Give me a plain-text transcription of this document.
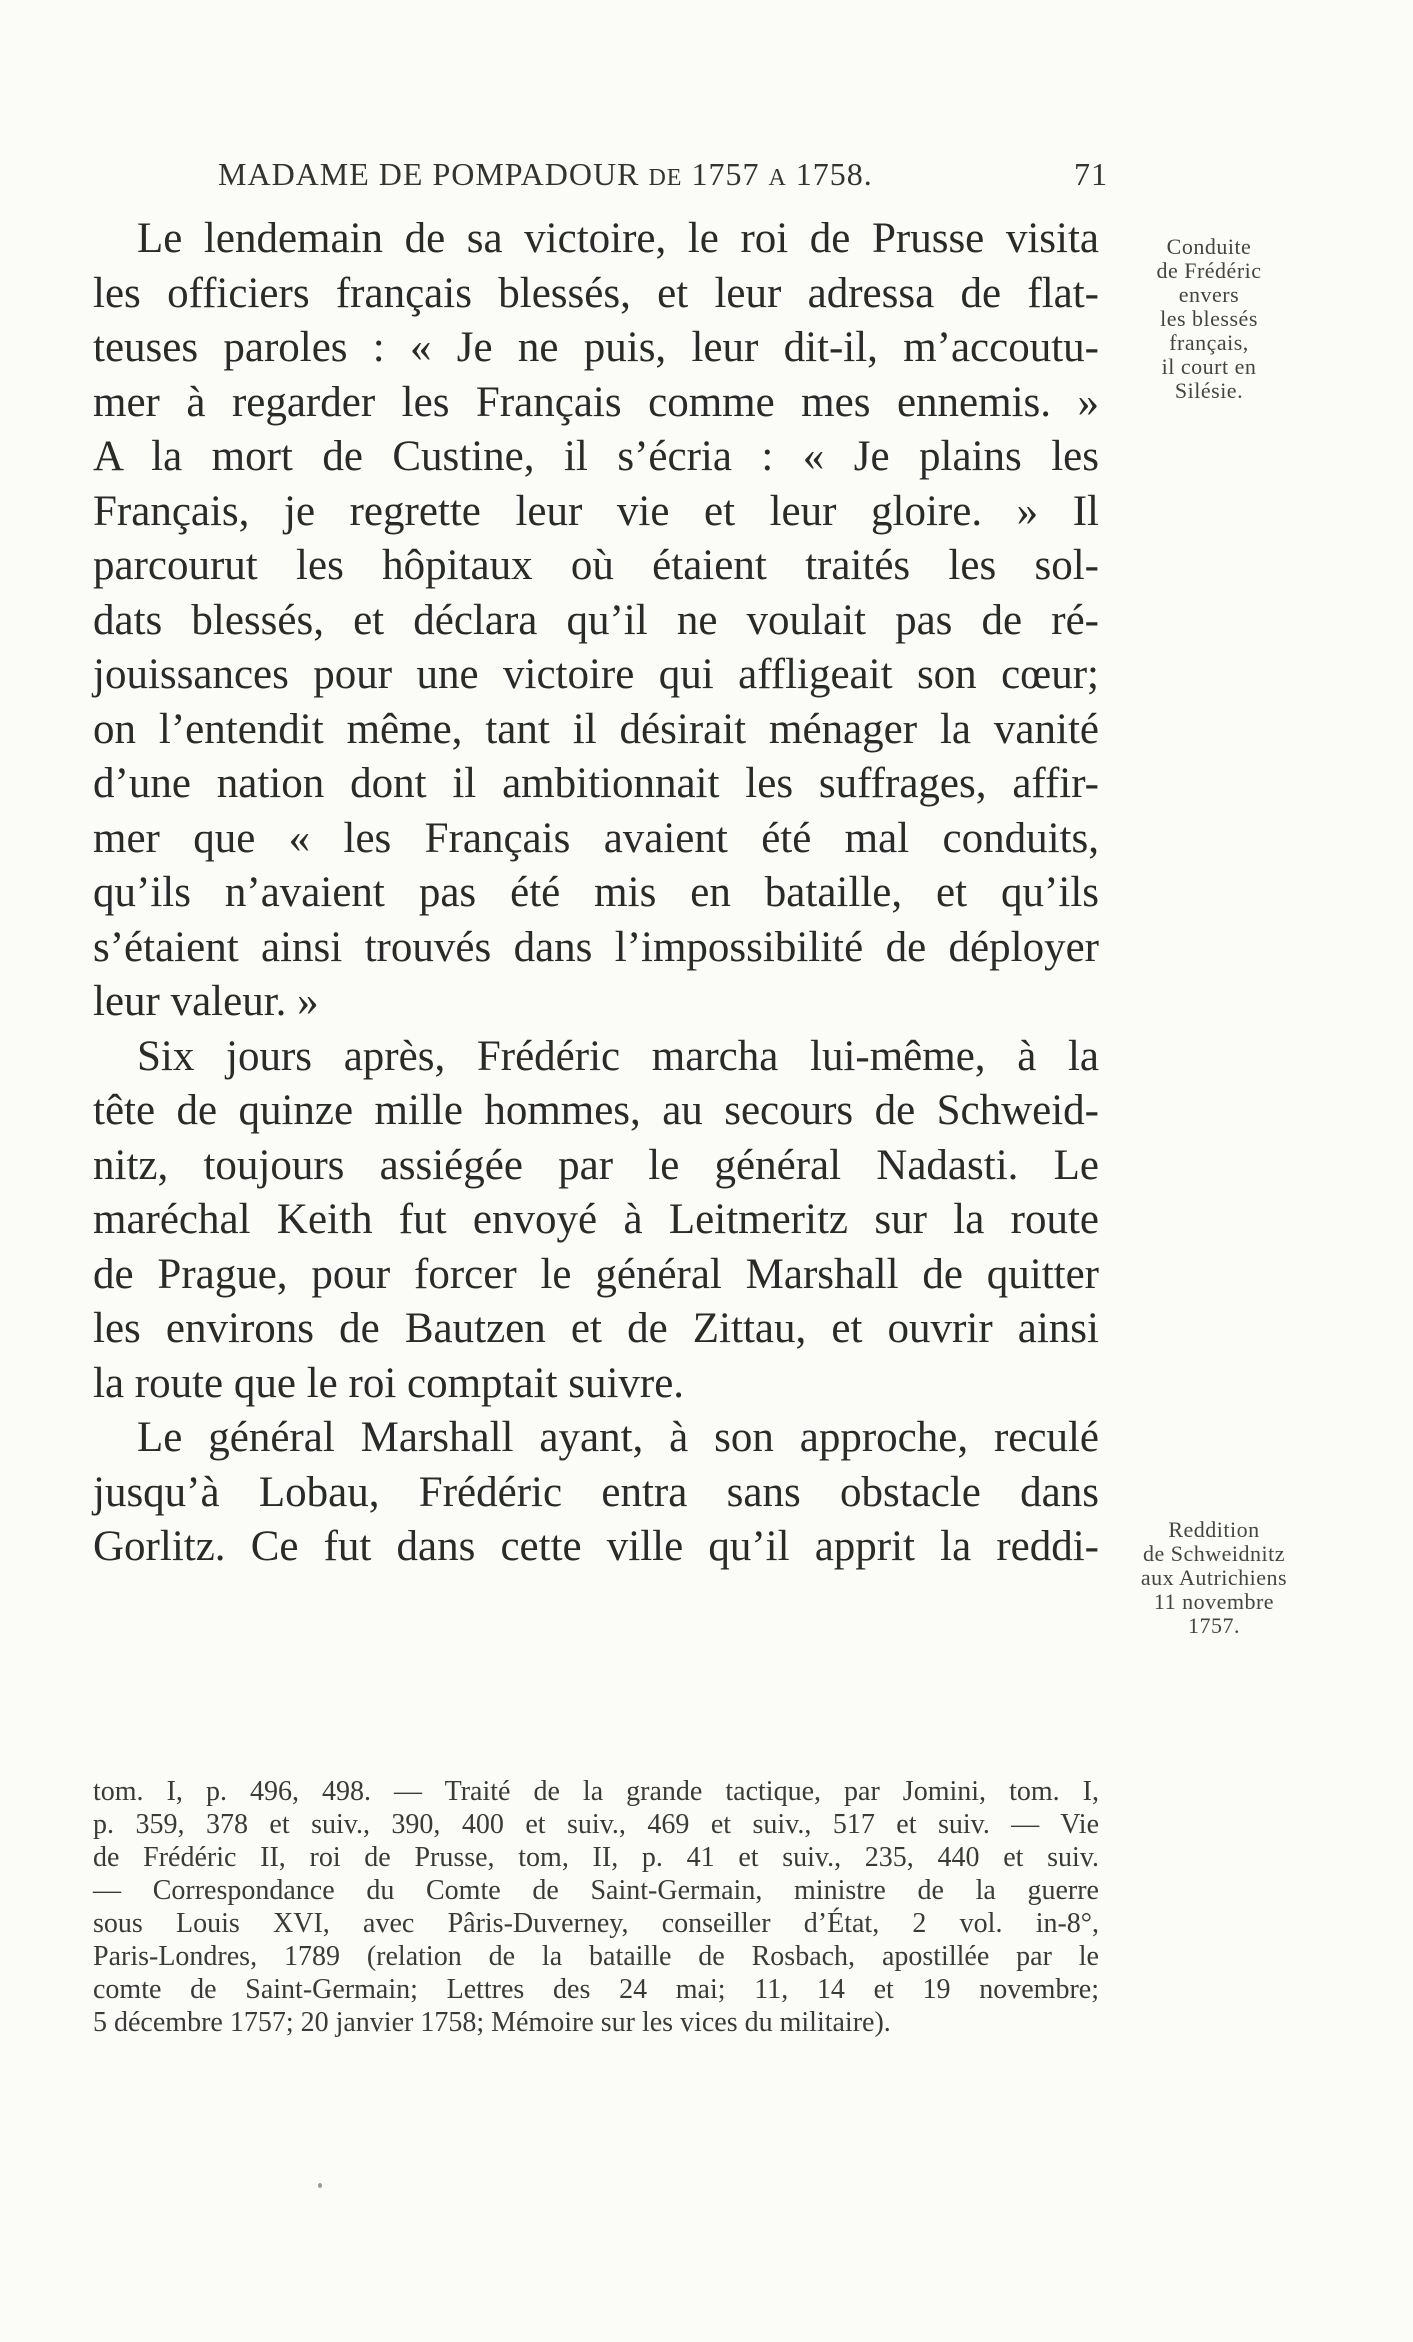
MADAME DE POMPADOUR DE 1757 A 1758.	71
Le lendemain de sa victoire, le roi de Prusse visita
les officiers français blessés, et leur adressa de flat-
teuses paroles : « Je ne puis, leur dit-il, m’accoutu-
mer à regarder les Français comme mes ennemis. »
A la mort de Custine, il s’écria : « Je plains les
Français, je regrette leur vie et leur gloire. » Il
parcourut les hôpitaux où étaient traités les sol-
dats blessés, et déclara qu’il ne voulait pas de ré-
jouissances pour une victoire qui affligeait son cœur;
on l’entendit même, tant il désirait ménager la vanité
d’une nation dont il ambitionnait les suffrages, affir-
mer que « les Français avaient été mal conduits,
qu’ils n’avaient pas été mis en bataille, et qu’ils
s’étaient ainsi trouvés dans l’impossibilité de déployer
leur valeur. »
Six jours après, Frédéric marcha lui-même, à la
tête de quinze mille hommes, au secours de Schweid-
nitz, toujours assiégée par le général Nadasti. Le
maréchal Keith fut envoyé à Leitmeritz sur la route
de Prague, pour forcer le général Marshall de quitter
les environs de Bautzen et de Zittau, et ouvrir ainsi
la route que le roi comptait suivre.
Le général Marshall ayant, à son approche, reculé
jusqu’à Lobau, Frédéric entra sans obstacle dans
Gorlitz. Ce fut dans cette ville qu’il apprit la reddi-
Conduite
de Frédéric
envers
les blessés
français,
il court en
Silésie.
Reddition
de Schweidnitz
aux Autrichiens
11 novembre
1757.
tom. I, p. 496, 498. — Traité de la grande tactique, par Jomini, tom. I,
p. 359, 378 et suiv., 390, 400 et suiv., 469 et suiv., 517 et suiv. — Vie
de Frédéric II, roi de Prusse, tom, II, p. 41 et suiv., 235, 440 et suiv.
— Correspondance du Comte de Saint-Germain, ministre de la guerre
sous Louis XVI, avec Pâris-Duverney, conseiller d’État, 2 vol. in-8°,
Paris-Londres, 1789 (relation de la bataille de Rosbach, apostillée par le
comte de Saint-Germain; Lettres des 24 mai; 11, 14 et 19 novembre;
5 décembre 1757; 20 janvier 1758; Mémoire sur les vices du militaire).
